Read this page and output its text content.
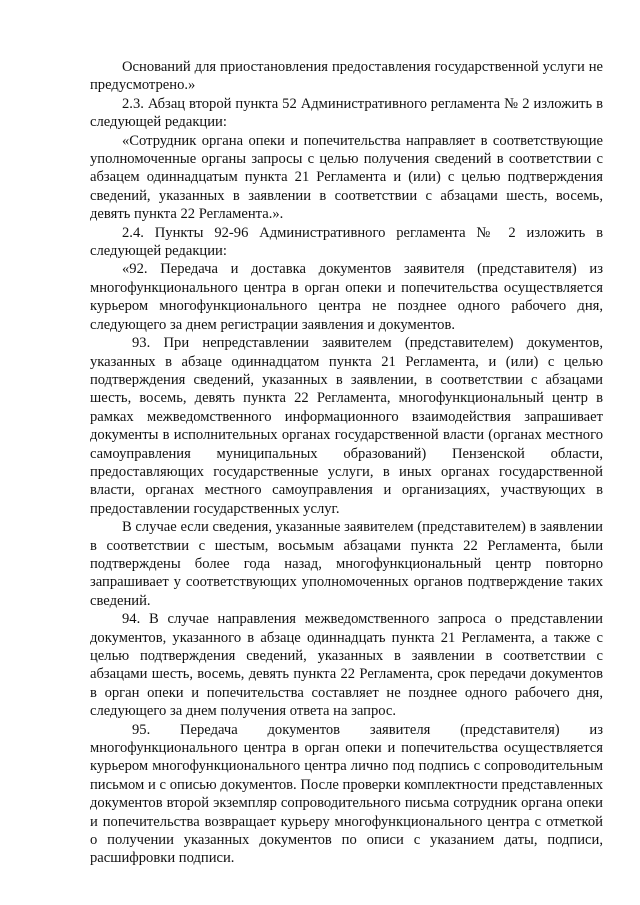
Оснований для приостановления предоставления государственной услуги не предусмотрено.»

2.3. Абзац второй пункта 52 Административного регламента № 2 изложить в следующей редакции:

«Сотрудник органа опеки и попечительства направляет в соответствующие уполномоченные органы запросы с целью получения сведений в соответствии с абзацем одиннадцатым пункта 21 Регламента и (или) с целью подтверждения сведений, указанных в заявлении в соответствии с абзацами шесть, восемь, девять пункта 22 Регламента.».

2.4. Пункты 92-96 Административного регламента № 2 изложить в следующей редакции:

«92. Передача и доставка документов заявителя (представителя) из многофункционального центра в орган опеки и попечительства осуществляется курьером многофункционального центра не позднее одного рабочего дня, следующего за днем регистрации заявления и документов.

93. При непредставлении заявителем (представителем) документов, указанных в абзаце одиннадцатом пункта 21 Регламента, и (или) с целью подтверждения сведений, указанных в заявлении, в соответствии с абзацами шесть, восемь, девять пункта 22 Регламента, многофункциональный центр в рамках межведомственного информационного взаимодействия запрашивает документы в исполнительных органах государственной власти (органах местного самоуправления муниципальных образований) Пензенской области, предоставляющих государственные услуги, в иных органах государственной власти, органах местного самоуправления и организациях, участвующих в предоставлении государственных услуг.

В случае если сведения, указанные заявителем (представителем) в заявлении в соответствии с шестым, восьмым абзацами пункта 22 Регламента, были подтверждены более года назад, многофункциональный центр повторно запрашивает у соответствующих уполномоченных органов подтверждение таких сведений.

94. В случае направления межведомственного запроса о представлении документов, указанного в абзаце одиннадцать пункта 21 Регламента, а также с целью подтверждения сведений, указанных в заявлении в соответствии с абзацами шесть, восемь, девять пункта 22 Регламента, срок передачи документов в орган опеки и попечительства составляет не позднее одного рабочего дня, следующего за днем получения ответа на запрос.

95. Передача документов заявителя (представителя) из многофункционального центра в орган опеки и попечительства осуществляется курьером многофункционального центра лично под подпись с сопроводительным письмом и с описью документов. После проверки комплектности представленных документов второй экземпляр сопроводительного письма сотрудник органа опеки и попечительства возвращает курьеру многофункционального центра с отметкой о получении указанных документов по описи с указанием даты, подписи, расшифровки подписи.
